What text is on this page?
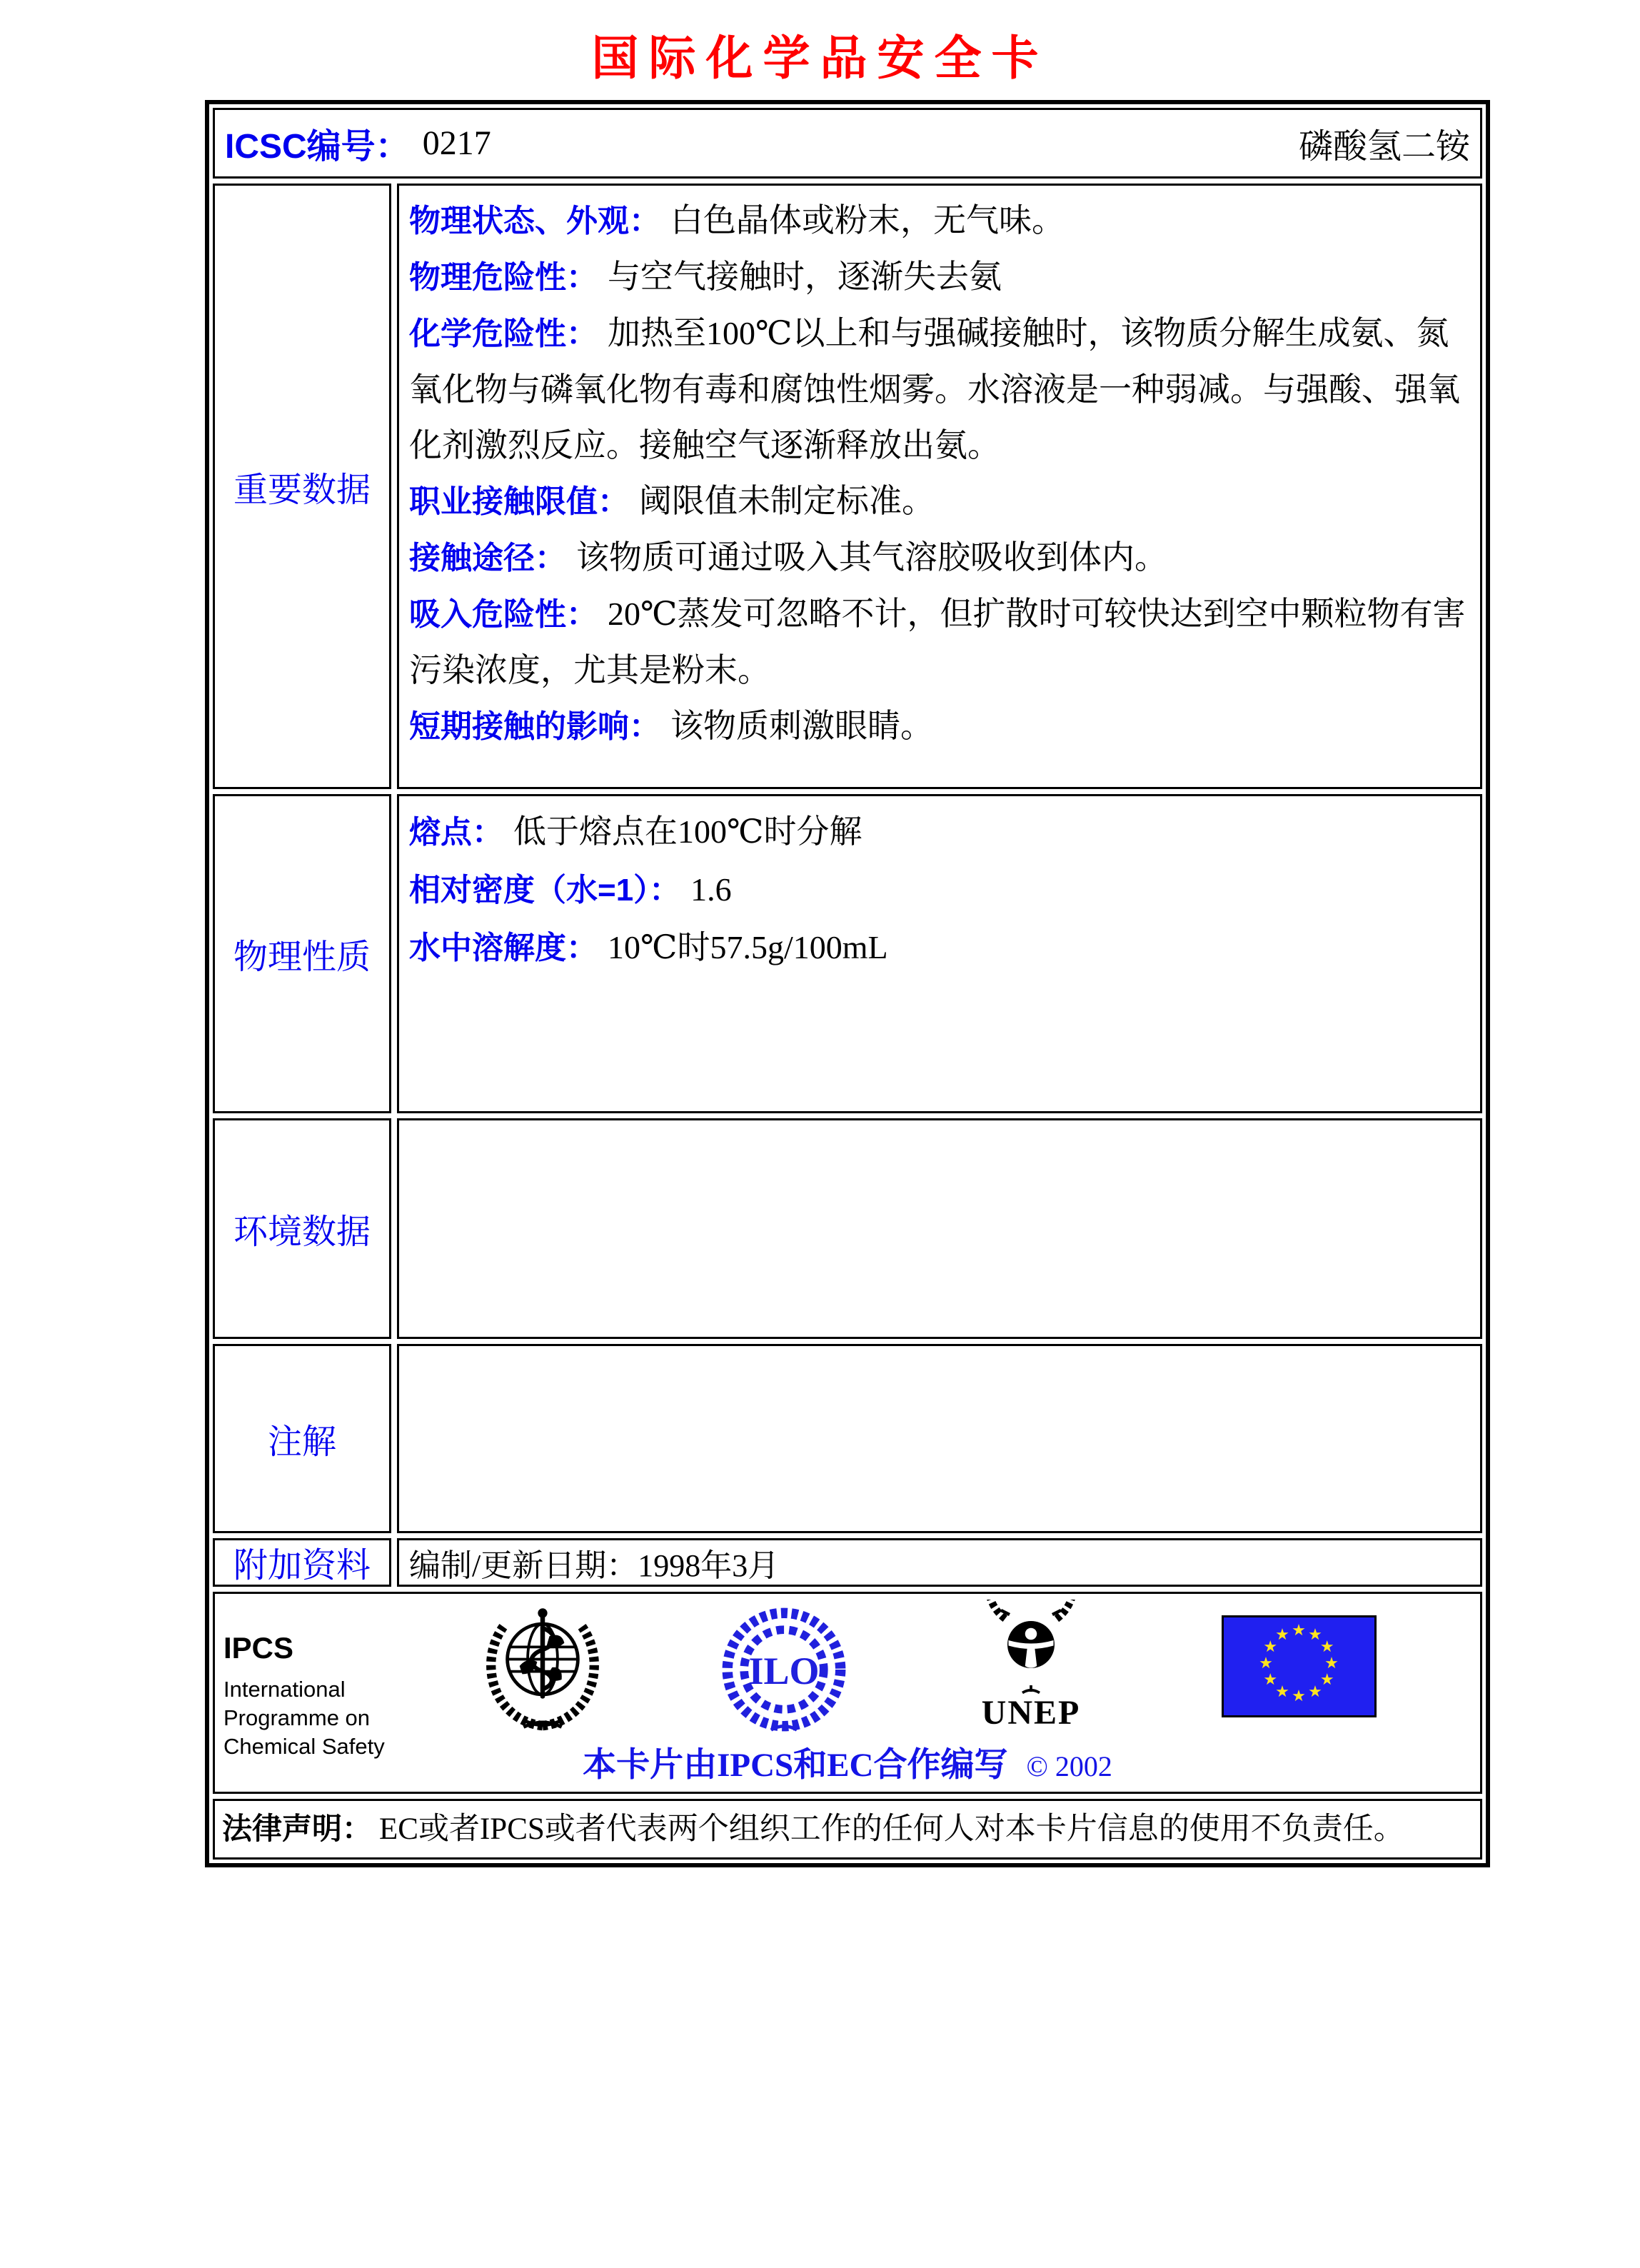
国际化学品安全卡
ICSC编号： 0217	磷酸氢二铵
重要数据
物理状态、外观： 白色晶体或粉末，无气味。
物理危险性： 与空气接触时，逐渐失去氨
化学危险性： 加热至100℃以上和与强碱接触时，该物质分解生成氨、氮氧化物与磷氧化物有毒和腐蚀性烟雾。水溶液是一种弱减。与强酸、强氧化剂激烈反应。接触空气逐渐释放出氨。
职业接触限值： 阈限值未制定标准。
接触途径： 该物质可通过吸入其气溶胶吸收到体内。
吸入危险性： 20℃蒸发可忽略不计，但扩散时可较快达到空中颗粒物有害污染浓度，尤其是粉末。
短期接触的影响： 该物质刺激眼睛。
物理性质
熔点： 低于熔点在100℃时分解
相对密度（水=1）： 1.6
水中溶解度： 10℃时57.5g/100mL
环境数据
注解
附加资料	编制/更新日期：1998年3月
IPCS
International
Programme on
Chemical Safety
ILO
UNEP
★ ★
★
★
★
★
★
★
★
★
★
★
本卡片由IPCS和EC合作编写 © 2002
法律声明： EC或者IPCS或者代表两个组织工作的任何人对本卡片信息的使用不负责任。
